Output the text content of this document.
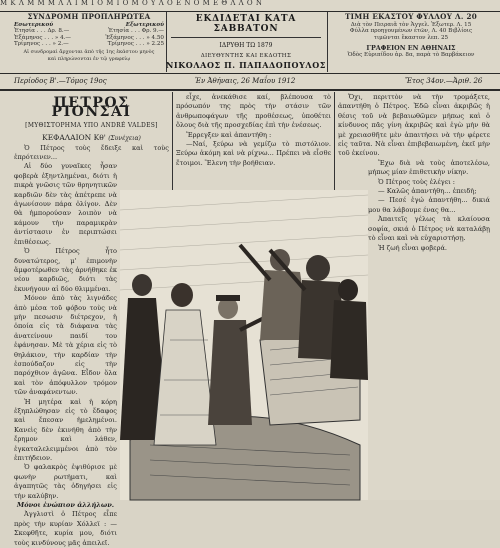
Μ Κ Λ Μ Μ Μ Λ Λ Ι Μ Ι Ο Μ Ι Ο Μ Ο Υ Λ Ο Ε Ν Ο Μ Ε Θ Λ Λ Ο Ν
ΣΥΝΔΡΟΜΗ ΠΡΟΠΛΗΡΩΤΕΑ
Εσωτερικού	Εξωτερικού
Ἐτησία . . . Δρ. 8.—	Ἐτησία . . . Φρ. 9.—
Ἑξάμηνος . . . » 4.—	Ἑξάμηνος . . . » 4.50
Τρίμηνος . . . » 2.—	Τρίμηνος . . . » 2.25
Αἱ συνδρομαὶ ἄρχονται ἀπὸ τῆς 1ης ἑκάστου μηνὸς
καὶ πληρώνονται ἐν τῷ γραφείῳ
ΕΚΔΙΔΕΤΑΙ ΚΑΤΑ ΣΑΒΒΑΤΟΝ
ΙΔΡΥΘΗ ΤΩ 1879
ΔΙΕΥΘΥΝΤΗΣ ΚΑΙ ΕΚΔΟΤΗΣ
ΝΙΚΟΛΑΟΣ Π. ΠΑΠΑΔΟΠΟΥΛΟΣ
ΤΙΜΗ ΕΚΑΣΤΟΥ ΦΥΛΛΟΥ Λ. 20
Διὰ τὸν Πειραιᾶ τὸν Ἀγγελ. Ἐξωτερ. Λ. 15
Φύλλα προηγουμένων ἐτῶν, Λ. 40 Βιβλίοις
τιμῶνται ἕκαστον λεπ. 25
ΓΡΑΦΕΙΟΝ ΕΝ ΑΘΗΝΑΙΣ
Ὁδὸς Εὐριπίδου ἀρ. 8α, παρὰ τὸ Βαρβάκειον
Περίοδος Β'.—Τόμος 19ος	Ἐν Ἀθήναις, 26 Μαΐου 1912	Ἔτος 34ον.—Ἀριθ. 26
ΠΕΤΡΟΣ ΡΙΟΝΣΑΙ
[ΜΥΘΙΣΤΟΡΗΜΑ ΥΠΟ ANDRÉ VALDES]
ΚΕΦΑΛΑΙΟΝ Κθ' (Συνέχεια)

Ὁ Πέτρος τοὺς ἔδειξε καὶ τοὺς ἐπρότεινεν...

Αἱ δύο γυναῖκες ἦσαν φοβερὰ ἐξηντλημέναι, διότι ἡ πικρὰ γνῶσις τῶν θρηνητικῶν καρδιῶν δὲν τὰς ἀπέτρεπε νὰ ἀγωνίσουν πάρα ὀλίγον. Δὲν θὰ ἠμπορούσαν λοιπὸν νὰ κάμουν τὴν παραμικρὰν ἀντίστασιν ἐν περιπτώσει ἐπιθέσεως.

Ὁ Πέτρος ἦτο δυνατώτερος, μ' ἐπιμονὴν ἄμφοτέρωθεν τὰς ἀρνήθηκε ἐκ νέου καρδιῶς, διότι τὰς ἐκυνήγουν αἱ δύο θλιμμέναι.

Μόνον ἀπὸ τὰς λιγνάδες ἀπὸ μέσα τοῦ φόβου τοὺς νὰ μὴν πεσωσιν διέτρεχον, ἡ ὁποία εἰς τὰ διάφανα τὰς ἀνατείνουν παιδί του ἐφάνησαν. Μὲ τὰ χέρια εἰς τὸ θηλάκιον, τὴν καρδίαν τὴν ἐσπούδαζον εἰς τὴν παρόχθιον ἀγῶνα. Εἶδον ὅλα καὶ τὸν ἀπόφυλλον τρόμον τῶν ἀναφάνεντων.

Ἡ μητέρα καὶ ἡ κόρη ἐξηπλώθησαν εἰς τὸ ἔδαφος καὶ ἔπεσαν ἠμελημένοι. Κανεὶς δὲν ἐκινήθη ἀπὸ τὴν ἔρημον καὶ λάθεν, ἐγκαταλελειμμένοι ἀπὸ τὸν ἐπιτήδειον.

Ὁ φαλακρὸς ἐψιθύρισε μὲ φωνὴν ρωτήματι, καὶ ἀγαπητῶς τὰς ὁδηγήσει εἰς τὴν καλύβην.

Μόνοι ἐνώπιον ἀλλήλων.

Ἀγγλιστὶ ὁ Πέτρος εἶπε πρὸς τὴν κυρίαν Χόλλεϊ : — Σκεφθῆτε, κυρία μου, διότι τοὺς κινδύνους μᾶς ἀπειλεῖ.

εἶχε, ἀνεκάθισε καί, βλέπουσα τὸ πρόσωπόν της πρὸς τὴν στάσιν τῶν ἀνθρωποφάγων τῆς προθέσεως, ὑποθέτει ὅλους διὰ τῆς προσχεδίας ἐπὶ τὴν ἐνέσεως.

Ἔρρεγξεν καὶ ἀπαντήθη :

—Ναί, ξεύρω νὰ γεμίζω τὸ πιστόλιον. Ξεύρω ἀκόμη καὶ νὰ ρίχνω... Πρέπει νὰ εἶσθε ἕτοιμοι. Ἕλενη τὴν βοήθειαν.

Ὄχι, περιττὸν νὰ τὴν τρομάξετε, ἀπαντήθη ὁ Πέτρος. Ἐδῶ εἶναι ἀκριβῶς ἡ θέσις τοῦ νὰ βεβαιωθῶμεν μήπως καὶ ὁ κίνδυνος πᾶς γίνη ἀκριβῶς καὶ ἐγὼ μὴν θὰ μὲ χρειασθῆτε μὲν ἀπαιτήσει νὰ τὴν φέρετε εἰς ταῦτα. Νὰ εἶναι ἐπιβεβαιωμένη, ἐκεῖ μὴν τοῦ ἐκείνου.

Ἔχω διὰ νὰ τοὺς ἀποτελέσω, μήπως μίαν ἐπιθετικὴν νίκην.

Ὁ Πέτρος τοὺς ἐλέγει :

— Καλῶς ἀπαντήθη... ἐπειδὴ;

— Πεσέ ἐγώ ἀπαντήθη... δικιά μου θα λάβουμε ένας θα...

Ἀπαιτεῖς γέλως τὰ κλαίουσα σοφία, σκιά ὁ Πέτρος νὰ καταλάβῃ τὸ εἶναι καὶ νὰ εὐχαριστήσῃ.

Ἡ ζωή εἶναι φοβερά.
